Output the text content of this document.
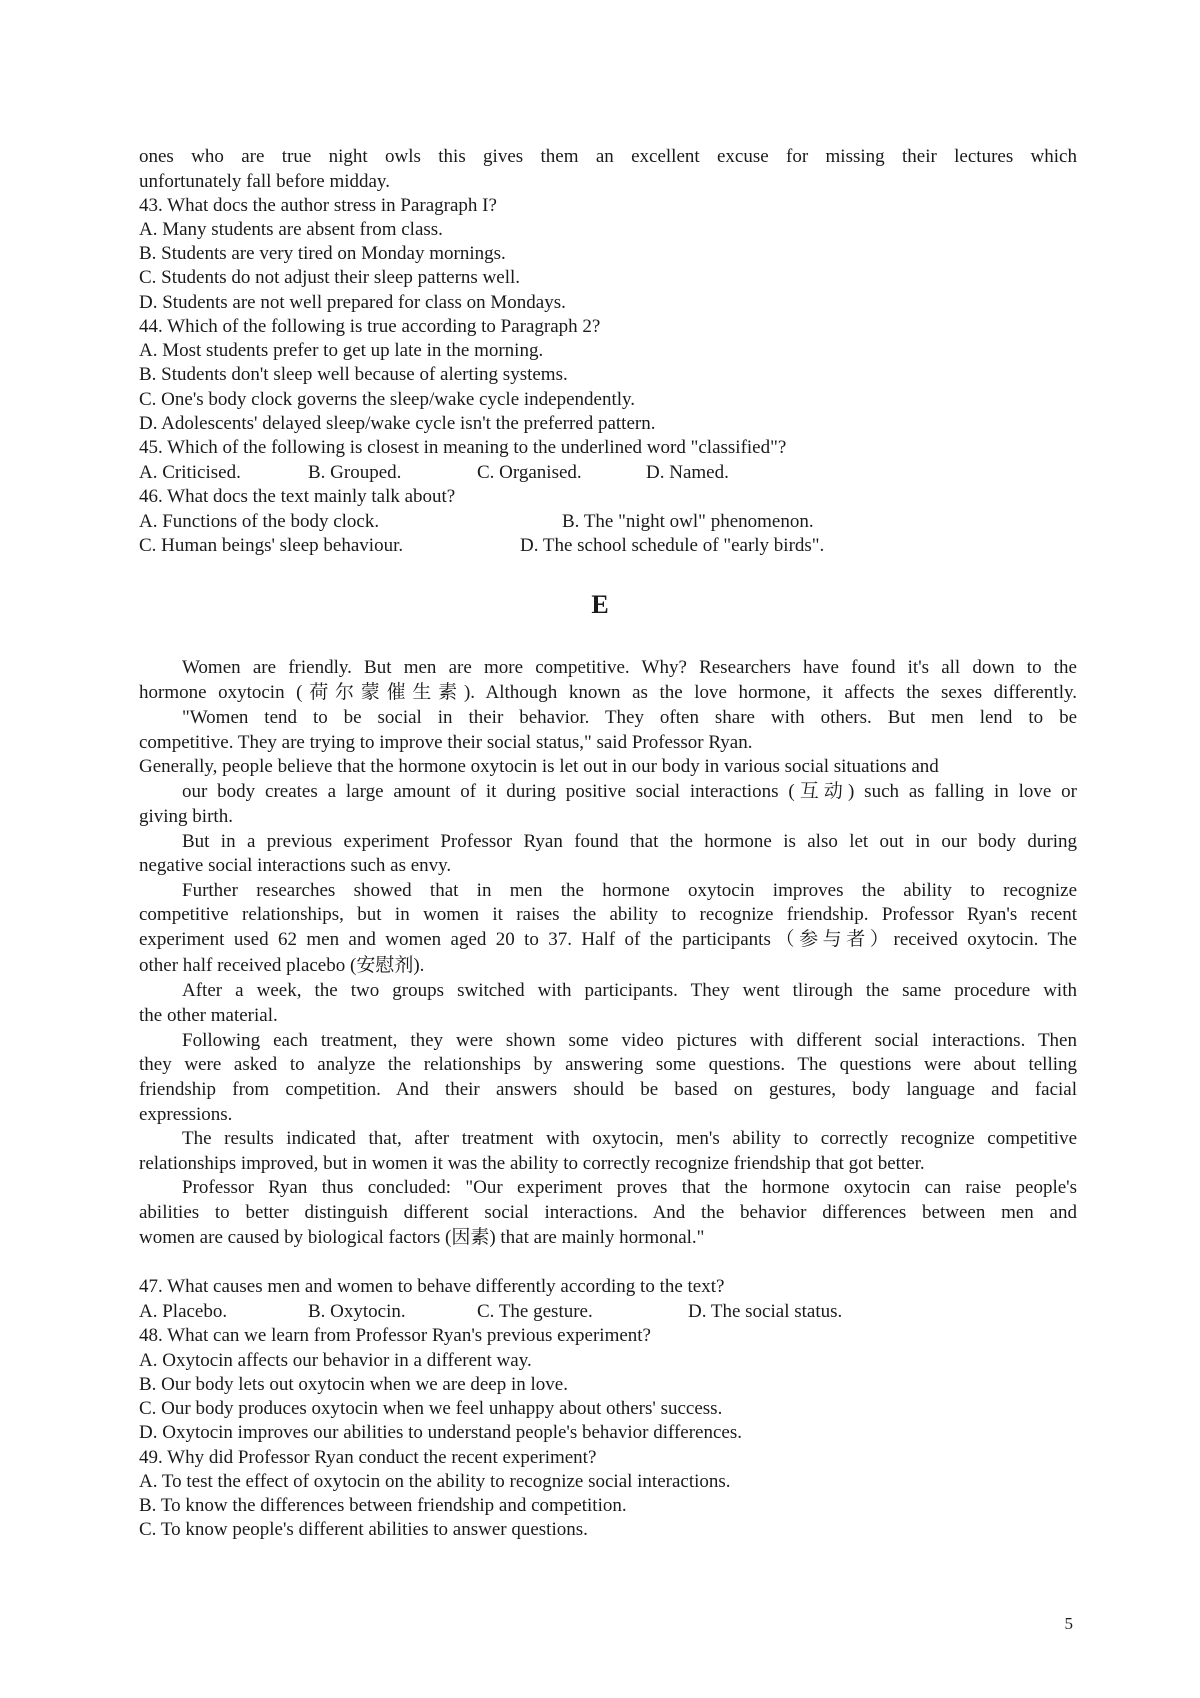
ones who are true night owls this gives them an excellent excuse for missing their lectures which
unfortunately fall before midday.
43. What docs the author stress in Paragraph I?
A. Many students are absent from class.
B. Students are very tired on Monday mornings.
C. Students do not adjust their sleep patterns well.
D. Students are not well prepared for class on Mondays.
44. Which of the following is true according to Paragraph 2?
A. Most students prefer to get up late in the morning.
B. Students don't sleep well because of alerting systems.
C. One's body clock governs the sleep/wake cycle independently.
D. Adolescents' delayed sleep/wake cycle isn't the preferred pattern.
45. Which of the following is closest in meaning to the underlined word "classified"?
A. Criticised.	B. Grouped.	C. Organised.	D. Named.
46. What docs the text mainly talk about?
A. Functions of the body clock.	B. The "night owl" phenomenon.
C. Human beings' sleep behaviour.	D. The school schedule of "early birds".
E
Women are friendly. But men are more competitive. Why? Researchers have found it's all down to the
hormone oxytocin (荷尔蒙催生素). Although known as the love hormone, it affects the sexes differently.
"Women tend to be social in their behavior. They often share with others. But men lend to be
competitive. They are trying to improve their social status," said Professor Ryan.
Generally, people believe that the hormone oxytocin is let out in our body in various social situations and
our body creates a large amount of it during positive social interactions (互动) such as falling in love or
giving birth.
But in a previous experiment Professor Ryan found that the hormone is also let out in our body during
negative social interactions such as envy.
Further researches showed that in men the hormone oxytocin improves the ability to recognize
competitive relationships, but in women it raises the ability to recognize friendship. Professor Ryan's recent
experiment used 62 men and women aged 20 to 37. Half of the participants（参与者）received oxytocin. The
other half received placebo (安慰剂).
After a week, the two groups switched with participants. They went tlirough the same procedure with
the other material.
Following each treatment, they were shown some video pictures with different social interactions. Then
they were asked to analyze the relationships by answering some questions. The questions were about telling
friendship from competition. And their answers should be based on gestures, body language and facial
expressions.
The results indicated that, after treatment with oxytocin, men's ability to correctly recognize competitive
relationships improved, but in women it was the ability to correctly recognize friendship that got better.
Professor Ryan thus concluded: "Our experiment proves that the hormone oxytocin can raise people's
abilities to better distinguish different social interactions. And the behavior differences between men and
women are caused by biological factors (因素) that are mainly hormonal."
47. What causes men and women to behave differently according to the text?
A. Placebo.	B. Oxytocin.	C. The gesture.	D. The social status.
48. What can we learn from Professor Ryan's previous experiment?
A. Oxytocin affects our behavior in a different way.
B. Our body lets out oxytocin when we are deep in love.
C. Our body produces oxytocin when we feel unhappy about others' success.
D. Oxytocin improves our abilities to understand people's behavior differences.
49. Why did Professor Ryan conduct the recent experiment?
A. To test the effect of oxytocin on the ability to recognize social interactions.
B. To know the differences between friendship and competition.
C. To know people's different abilities to answer questions.
5
